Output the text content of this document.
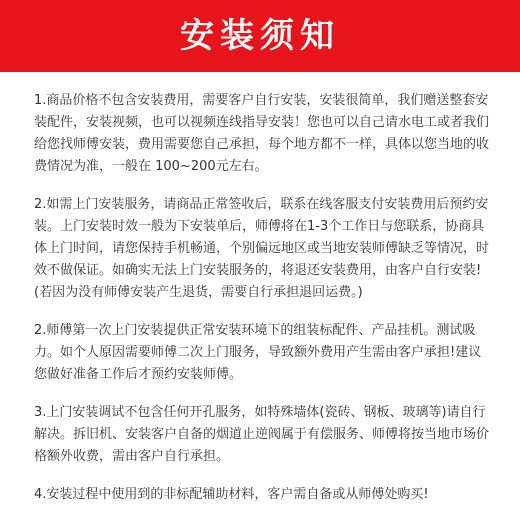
安装须知

1.商品价格不包含安装费用，需要客户自行安装，安装很简单，我们赠送整套安装配件，安装视频，也可以视频连线指导安装！您也可以自己请水电工或者我们给您找师傅安装，费用需要您自己承担，每个地方都不一样，具体以您当地的收费情况为准，一般在 100~200元左右。

2.如需上门安装服务，请商品正常签收后，联系在线客服支付安装费用后预约安装。上门安装时效一般为下安装单后，师傅将在1-3个工作日与您联系，协商具体上门时间，请您保持手机畅通，个别偏远地区或当地安装师傅缺乏等情况，时效不做保证。如确实无法上门安装服务的，将退还安装费用，由客户自行安装!(若因为没有师傅安装产生退货，需要自行承担退回运费。)

2.师傅第一次上门安装提供正常安装环境下的组装标配件、产品挂机。测试吸力。如个人原因需要师傅二次上门服务，导致额外费用产生需由客户承担!建议您做好准备工作后才预约安装师傅。

3.上门安装调试不包含任何开孔服务，如特殊墙体(瓷砖、钢板、玻璃等)请自行解决。拆旧机、安装客户自备的烟道止逆阀属于有偿服务、师傅将按当地市场价格额外收费，需由客户自行承担。

4.安装过程中使用到的非标配辅助材料，客户需自备或从师傅处购买!
